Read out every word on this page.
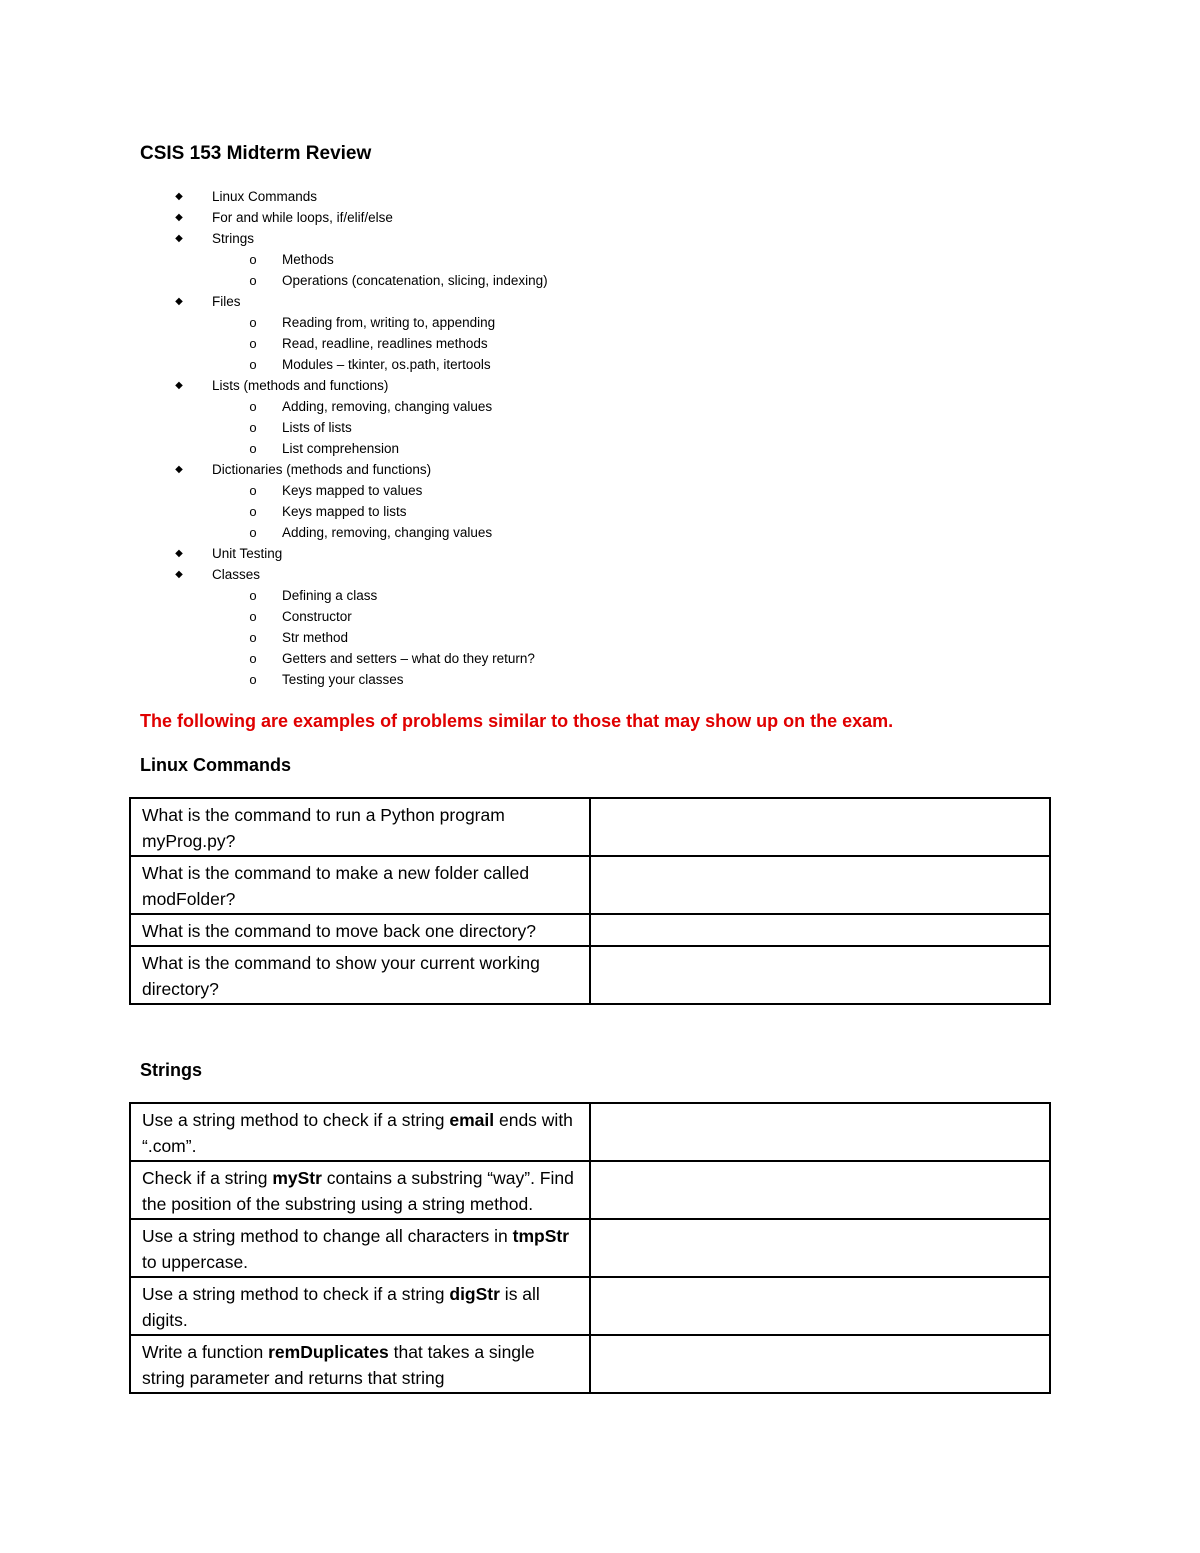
CSIS 153 Midterm Review
◆ Linux Commands
◆ For and while loops, if/elif/else
◆ Strings
o Methods
o Operations (concatenation, slicing, indexing)
◆ Files
o Reading from, writing to, appending
o Read, readline, readlines methods
o Modules – tkinter, os.path, itertools
◆ Lists (methods and functions)
o Adding, removing, changing values
o Lists of lists
o List comprehension
◆ Dictionaries (methods and functions)
o Keys mapped to values
o Keys mapped to lists
o Adding, removing, changing values
◆ Unit Testing
◆ Classes
o Defining a class
o Constructor
o Str method
o Getters and setters – what do they return?
o Testing your classes
The following are examples of problems similar to those that may show up on the exam.
Linux Commands
What is the command to run a Python program myProg.py?	
What is the command to make a new folder called modFolder?	
What is the command to move back one directory?	
What is the command to show your current working directory?	
Strings
Use a string method to check if a string email ends with “.com”.	
Check if a string myStr contains a substring “way”. Find the position of the substring using a string method.	
Use a string method to change all characters in tmpStr to uppercase.	
Use a string method to check if a string digStr is all digits.	
Write a function remDuplicates that takes a single string parameter and returns that string	
